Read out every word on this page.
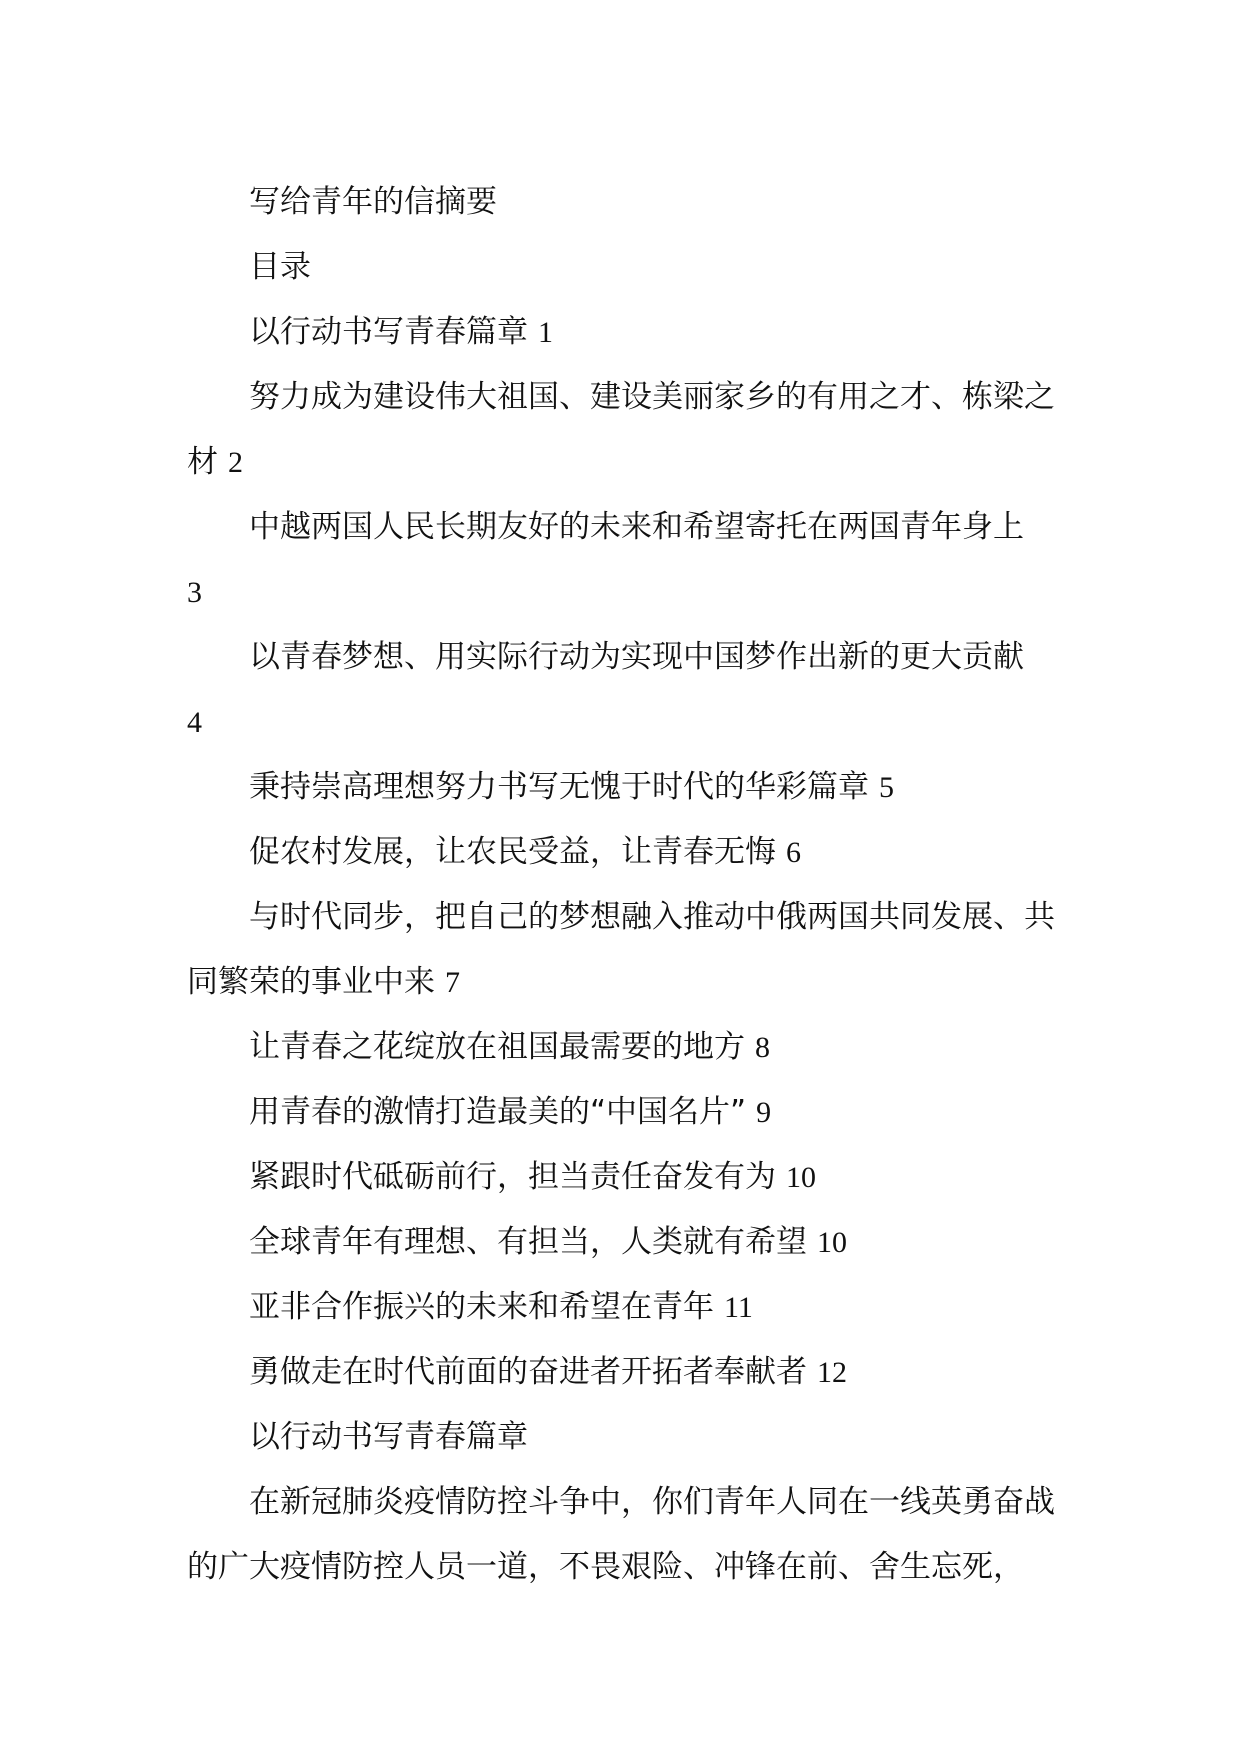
写给青年的信摘要

目录

以行动书写青春篇章 1

努力成为建设伟大祖国、建设美丽家乡的有用之才、栋梁之材 2

中越两国人民长期友好的未来和希望寄托在两国青年身上
3

以青春梦想、用实际行动为实现中国梦作出新的更大贡献
4

秉持崇高理想努力书写无愧于时代的华彩篇章 5

促农村发展，让农民受益，让青春无悔 6

与时代同步，把自己的梦想融入推动中俄两国共同发展、共同繁荣的事业中来 7

让青春之花绽放在祖国最需要的地方 8

用青春的激情打造最美的“中国名片” 9

紧跟时代砥砺前行，担当责任奋发有为 10

全球青年有理想、有担当，人类就有希望 10

亚非合作振兴的未来和希望在青年 11

勇做走在时代前面的奋进者开拓者奉献者 12

以行动书写青春篇章

在新冠肺炎疫情防控斗争中，你们青年人同在一线英勇奋战的广大疫情防控人员一道，不畏艰险、冲锋在前、舍生忘死，
